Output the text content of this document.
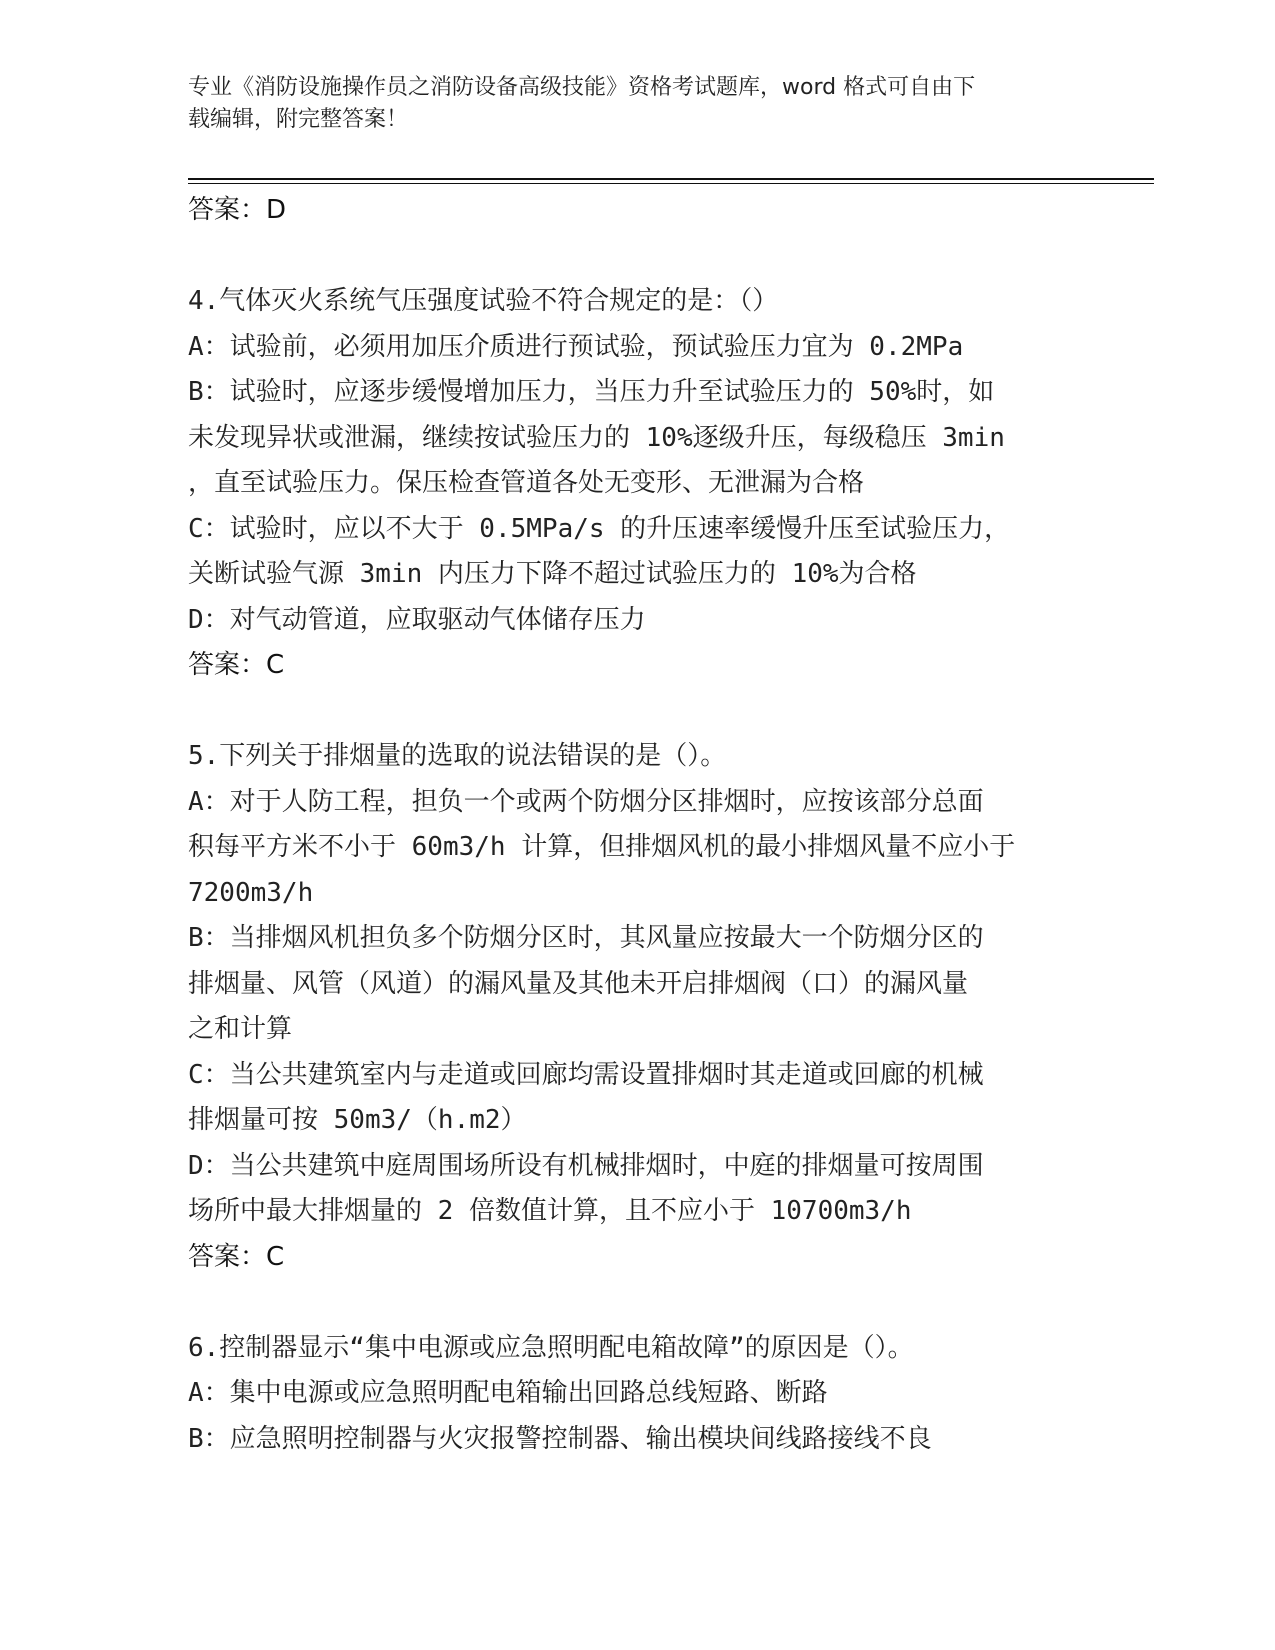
专业《消防设施操作员之消防设备高级技能》资格考试题库，word 格式可自由下
载编辑，附完整答案！
答案：D
4.气体灭火系统气压强度试验不符合规定的是：（）
A：试验前，必须用加压介质进行预试验，预试验压力宜为 0.2MPa
B：试验时，应逐步缓慢增加压力，当压力升至试验压力的 50%时，如
未发现异状或泄漏，继续按试验压力的 10%逐级升压，每级稳压 3min
，直至试验压力。保压检查管道各处无变形、无泄漏为合格
C：试验时，应以不大于 0.5MPa/s 的升压速率缓慢升压至试验压力，
关断试验气源 3min 内压力下降不超过试验压力的 10%为合格
D：对气动管道，应取驱动气体储存压力
答案：C
5.下列关于排烟量的选取的说法错误的是（）。
A：对于人防工程，担负一个或两个防烟分区排烟时，应按该部分总面
积每平方米不小于 60m3/h 计算，但排烟风机的最小排烟风量不应小于
7200m3/h
B：当排烟风机担负多个防烟分区时，其风量应按最大一个防烟分区的
排烟量、风管（风道）的漏风量及其他未开启排烟阀（口）的漏风量
之和计算
C：当公共建筑室内与走道或回廊均需设置排烟时其走道或回廊的机械
排烟量可按 50m3/（h.m2）
D：当公共建筑中庭周围场所设有机械排烟时，中庭的排烟量可按周围
场所中最大排烟量的 2 倍数值计算，且不应小于 10700m3/h
答案：C
6.控制器显示“集中电源或应急照明配电箱故障”的原因是（）。
A：集中电源或应急照明配电箱输出回路总线短路、断路
B：应急照明控制器与火灾报警控制器、输出模块间线路接线不良
